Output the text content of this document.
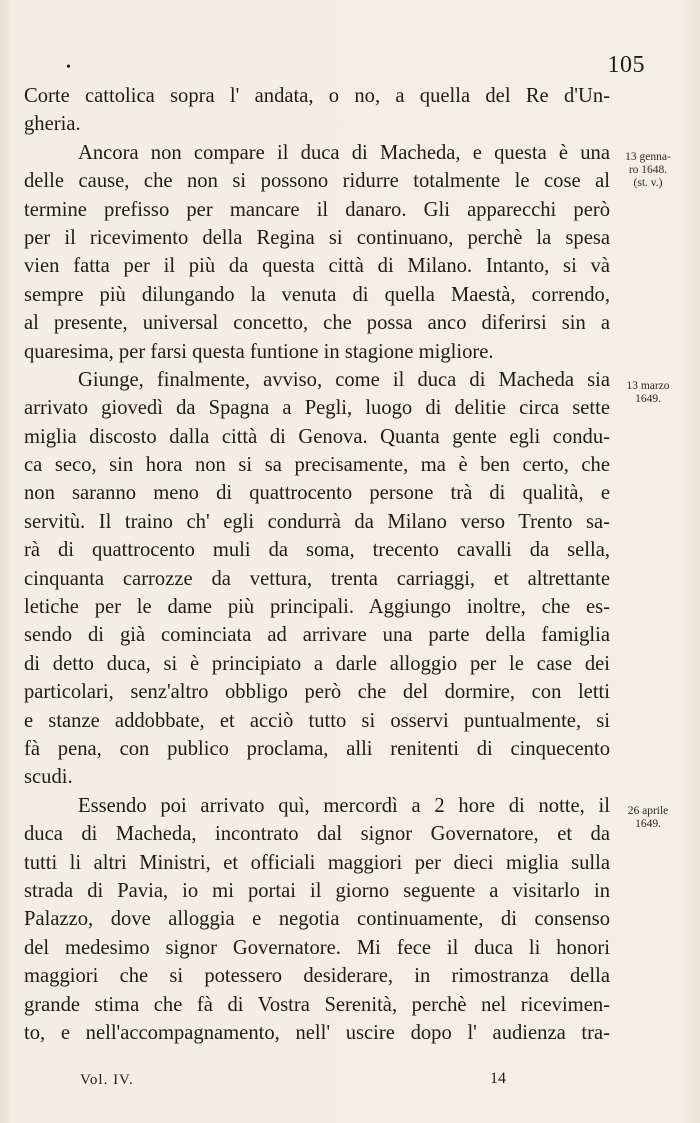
•	105
Corte cattolica sopra l' andata, o no, a quella del Re d'Un-
gheria.
Ancora non compare il duca di Macheda, e questa è una
delle cause, che non si possono ridurre totalmente le cose al
termine prefisso per mancare il danaro. Gli apparecchi però
per il ricevimento della Regina si continuano, perchè la spesa
vien fatta per il più da questa città di Milano. Intanto, si và
sempre più dilungando la venuta di quella Maestà, correndo,
al presente, universal concetto, che possa anco diferirsi sin a
quaresima, per farsi questa funtione in stagione migliore.
Giunge, finalmente, avviso, come il duca di Macheda sia
arrivato giovedì da Spagna a Pegli, luogo di delitie circa sette
miglia discosto dalla città di Genova. Quanta gente egli condu-
ca seco, sin hora non si sa precisamente, ma è ben certo, che
non saranno meno di quattrocento persone trà di qualità, e
servitù. Il traino ch' egli condurrà da Milano verso Trento sa-
rà di quattrocento muli da soma, trecento cavalli da sella,
cinquanta carrozze da vettura, trenta carriaggi, et altrettante
letiche per le dame più principali. Aggiungo inoltre, che es-
sendo di già cominciata ad arrivare una parte della famiglia
di detto duca, si è principiato a darle alloggio per le case dei
particolari, senz'altro obbligo però che del dormire, con letti
e stanze addobbate, et acciò tutto si osservi puntualmente, si
fà pena, con publico proclama, alli renitenti di cinquecento
scudi.
Essendo poi arrivato quì, mercordì a 2 hore di notte, il
duca di Macheda, incontrato dal signor Governatore, et da
tutti li altri Ministri, et officiali maggiori per dieci miglia sulla
strada di Pavia, io mi portai il giorno seguente a visitarlo in
Palazzo, dove alloggia e negotia continuamente, di consenso
del medesimo signor Governatore. Mi fece il duca li honori
maggiori che si potessero desiderare, in rimostranza della
grande stima che fà di Vostra Serenità, perchè nel ricevimen-
to, e nell'accompagnamento, nell' uscire dopo l' audienza tra-
13 genna-
ro 1648.
(st. v.)
13 marzo
1649.
26 aprile
1649.
Vol. IV.	14
